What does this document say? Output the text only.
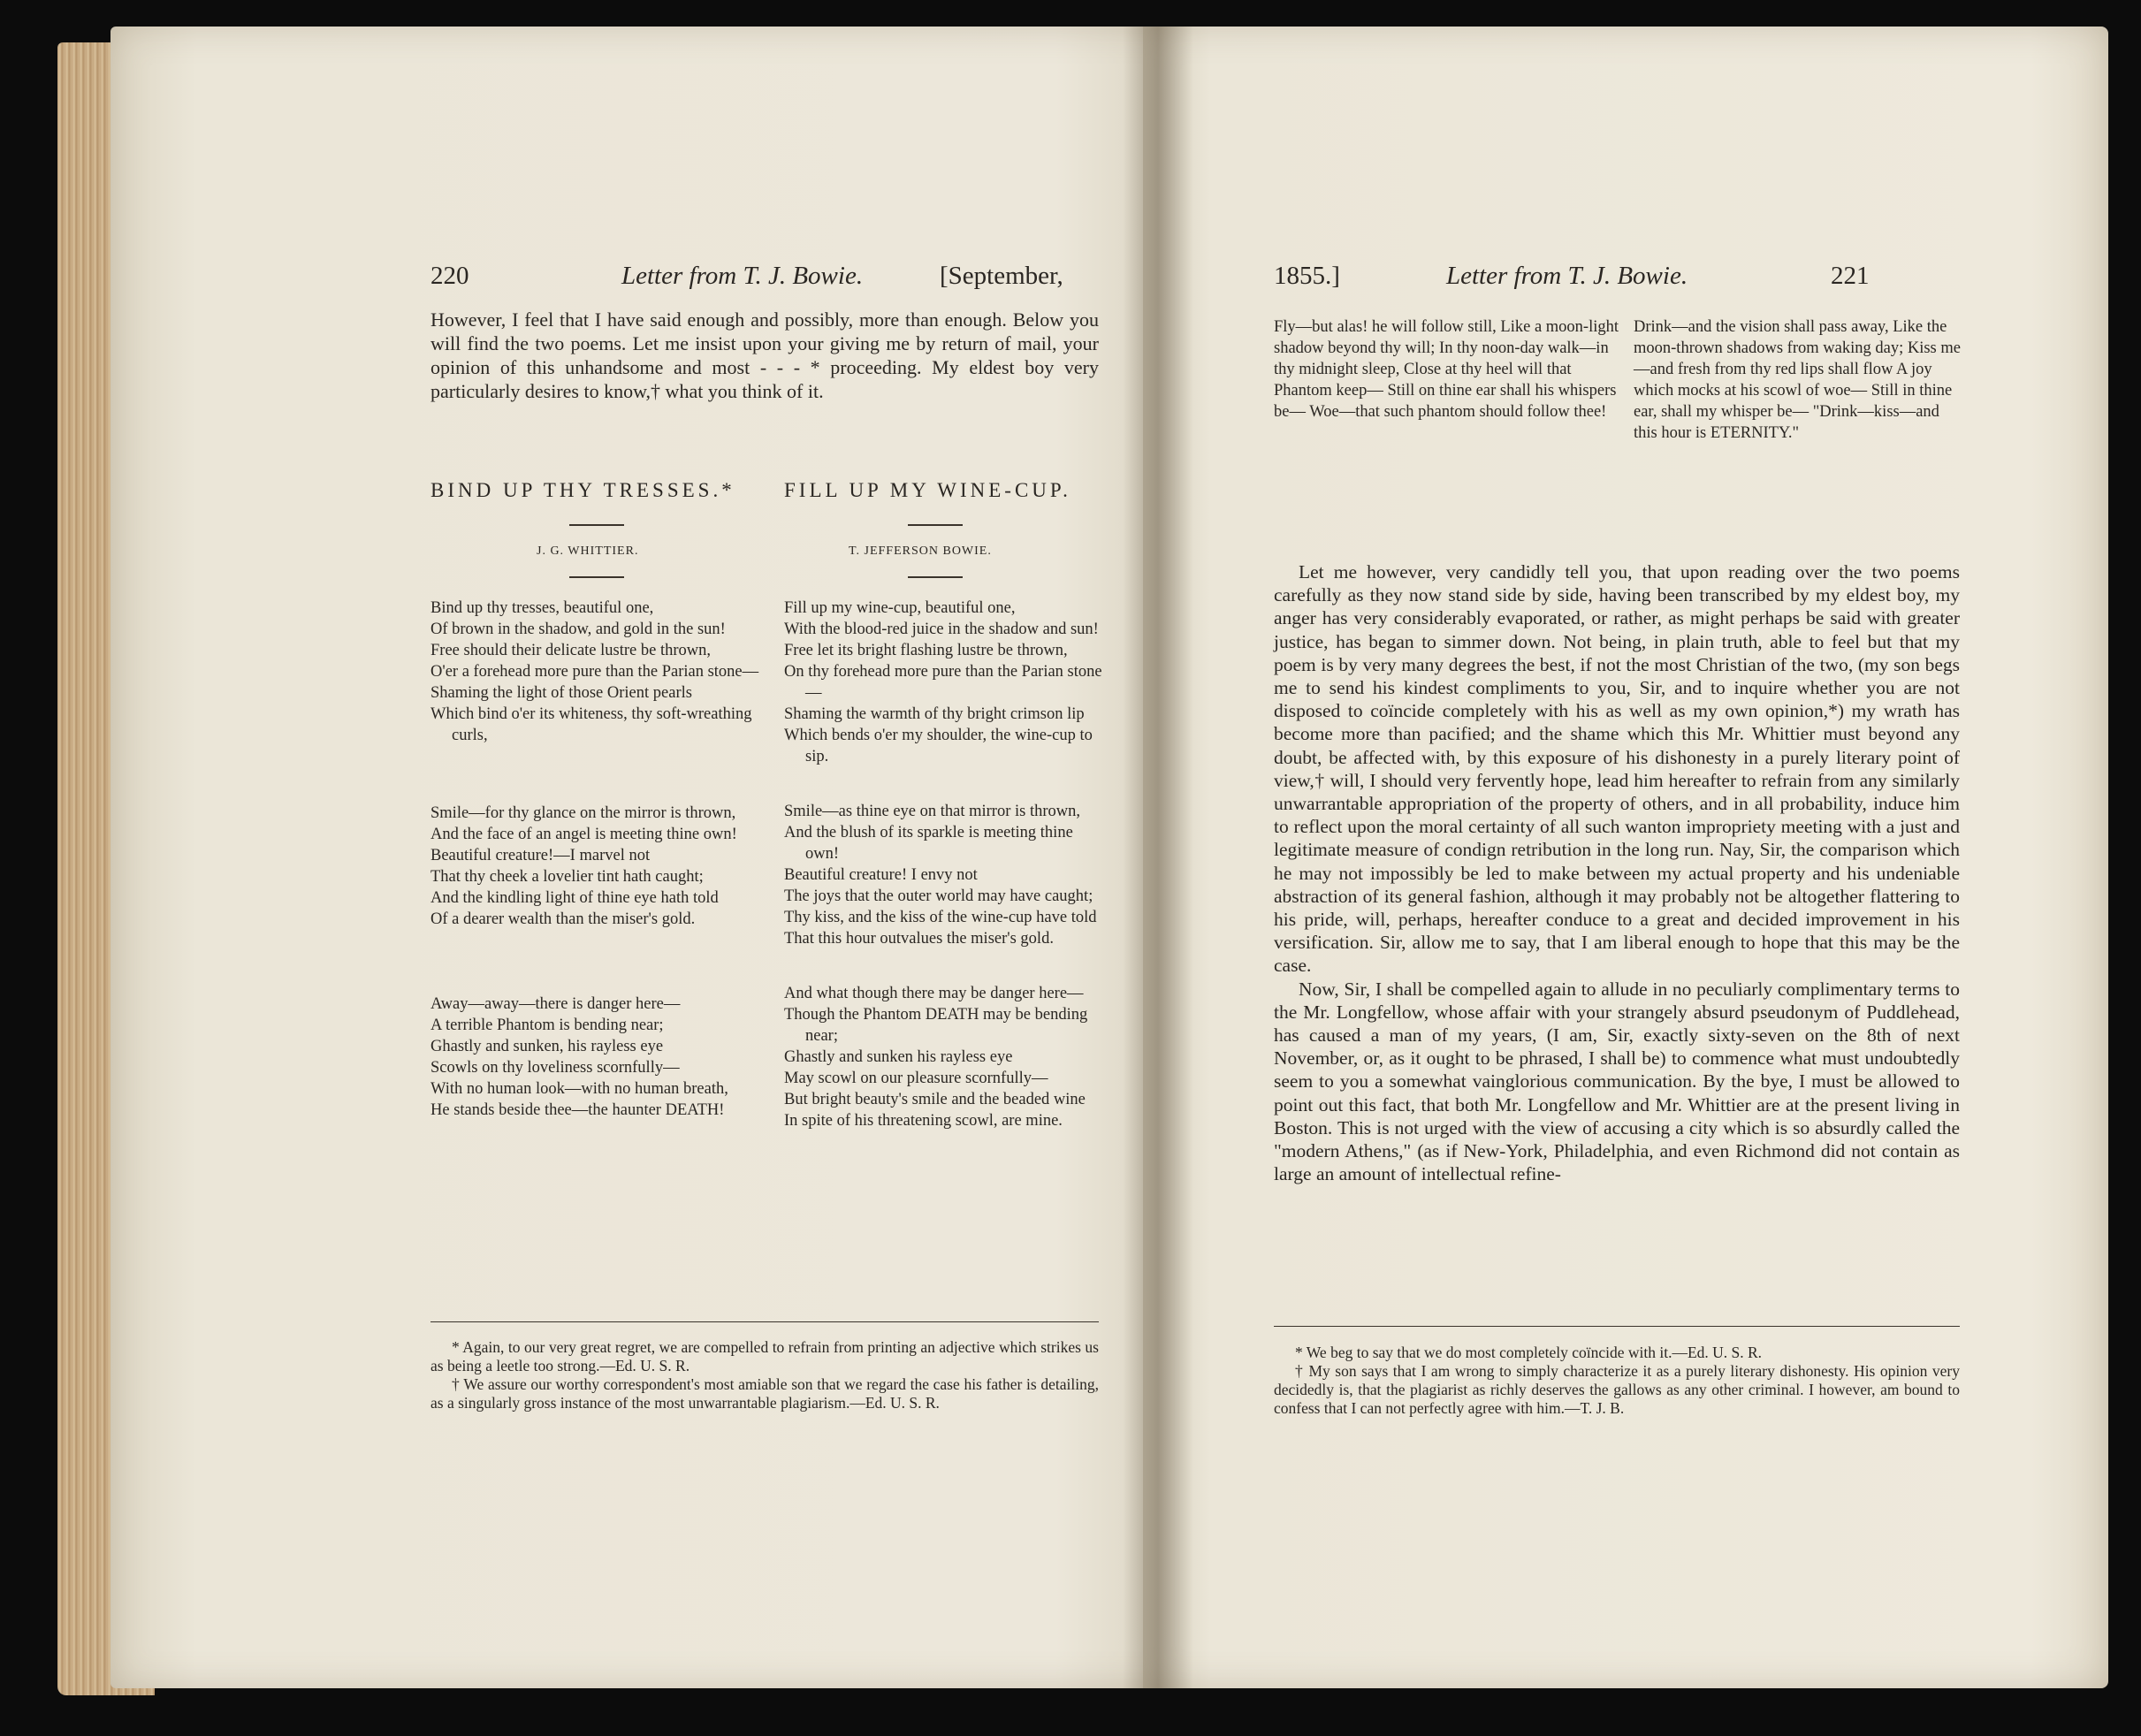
220	Letter from T. J. Bowie.	[September,

However, I feel that I have said enough and possibly, more than enough. Below you will find the two poems. Let me insist upon your giving me by return of mail, your opinion of this unhandsome and most - - - * proceeding. My eldest boy very particularly desires to know,† what you think of it.

BIND UP THY TRESSES.* FILL UP MY WINE-CUP.
J. G. WHITTIER.	T. JEFFERSON BOWIE.
Bind up thy tresses, beautiful one,
Of brown in the shadow, and gold in the sun!
Free should their delicate lustre be thrown,
O'er a forehead more pure than the Parian stone—
Shaming the light of those Orient pearls
Which bind o'er its whiteness, thy soft-wreathing curls,
Smile—for thy glance on the mirror is thrown,
And the face of an angel is meeting thine own!
Beautiful creature!—I marvel not
That thy cheek a lovelier tint hath caught;
And the kindling light of thine eye hath told
Of a dearer wealth than the miser's gold.
Away—away—there is danger here—
A terrible Phantom is bending near;
Ghastly and sunken, his rayless eye
Scowls on thy loveliness scornfully—
With no human look—with no human breath,
He stands beside thee—the haunter DEATH!
Fill up my wine-cup, beautiful one,
With the blood-red juice in the shadow and sun!
Free let its bright flashing lustre be thrown,
On thy forehead more pure than the Parian stone—
Shaming the warmth of thy bright crimson lip
Which bends o'er my shoulder, the wine-cup to sip.
Smile—as thine eye on that mirror is thrown,
And the blush of its sparkle is meeting thine own!
Beautiful creature! I envy not
The joys that the outer world may have caught;
Thy kiss, and the kiss of the wine-cup have told
That this hour outvalues the miser's gold.
And what though there may be danger here—
Though the Phantom DEATH may be bending near;
Ghastly and sunken his rayless eye
May scowl on our pleasure scornfully—
But bright beauty's smile and the beaded wine
In spite of his threatening scowl, are mine.

* Again, to our very great regret, we are compelled to refrain from printing an adjective which strikes us as being a leetle too strong.—Ed. U. S. R.

† We assure our worthy correspondent's most amiable son that we regard the case his father is detailing, as a singularly gross instance of the most unwarrantable plagiarism.—Ed. U. S. R.

1855.]	Letter from T. J. Bowie.	221
Fly—but alas! he will follow still, Like a moon-light shadow beyond thy will; In thy noon-day walk—in thy midnight sleep, Close at thy heel will that Phantom keep— Still on thine ear shall his whispers be— Woe—that such phantom should follow thee!
Drink—and the vision shall pass away, Like the moon-thrown shadows from waking day; Kiss me—and fresh from thy red lips shall flow A joy which mocks at his scowl of woe— Still in thine ear, shall my whisper be— "Drink—kiss—and this hour is ETERNITY."

Let me however, very candidly tell you, that upon reading over the two poems carefully as they now stand side by side, having been transcribed by my eldest boy, my anger has very considerably evaporated, or rather, as might perhaps be said with greater justice, has began to simmer down. Not being, in plain truth, able to feel but that my poem is by very many degrees the best, if not the most Christian of the two, (my son begs me to send his kindest compliments to you, Sir, and to inquire whether you are not disposed to coïncide completely with his as well as my own opinion,*) my wrath has become more than pacified; and the shame which this Mr. Whittier must beyond any doubt, be affected with, by this exposure of his dishonesty in a purely literary point of view,† will, I should very fervently hope, lead him hereafter to refrain from any similarly unwarrantable appropriation of the property of others, and in all probability, induce him to reflect upon the moral certainty of all such wanton impropriety meeting with a just and legitimate measure of condign retribution in the long run. Nay, Sir, the comparison which he may not impossibly be led to make between my actual property and his undeniable abstraction of its general fashion, although it may probably not be altogether flattering to his pride, will, perhaps, hereafter conduce to a great and decided improvement in his versification. Sir, allow me to say, that I am liberal enough to hope that this may be the case.

Now, Sir, I shall be compelled again to allude in no peculiarly complimentary terms to the Mr. Longfellow, whose affair with your strangely absurd pseudonym of Puddlehead, has caused a man of my years, (I am, Sir, exactly sixty-seven on the 8th of next November, or, as it ought to be phrased, I shall be) to commence what must undoubtedly seem to you a somewhat vainglorious communication. By the bye, I must be allowed to point out this fact, that both Mr. Longfellow and Mr. Whittier are at the present living in Boston. This is not urged with the view of accusing a city which is so absurdly called the "modern Athens," (as if New-York, Philadelphia, and even Richmond did not contain as large an amount of intellectual refine-

* We beg to say that we do most completely coïncide with it.—Ed. U. S. R.

† My son says that I am wrong to simply characterize it as a purely literary dishonesty. His opinion very decidedly is, that the plagiarist as richly deserves the gallows as any other criminal. I however, am bound to confess that I can not perfectly agree with him.—T. J. B.
